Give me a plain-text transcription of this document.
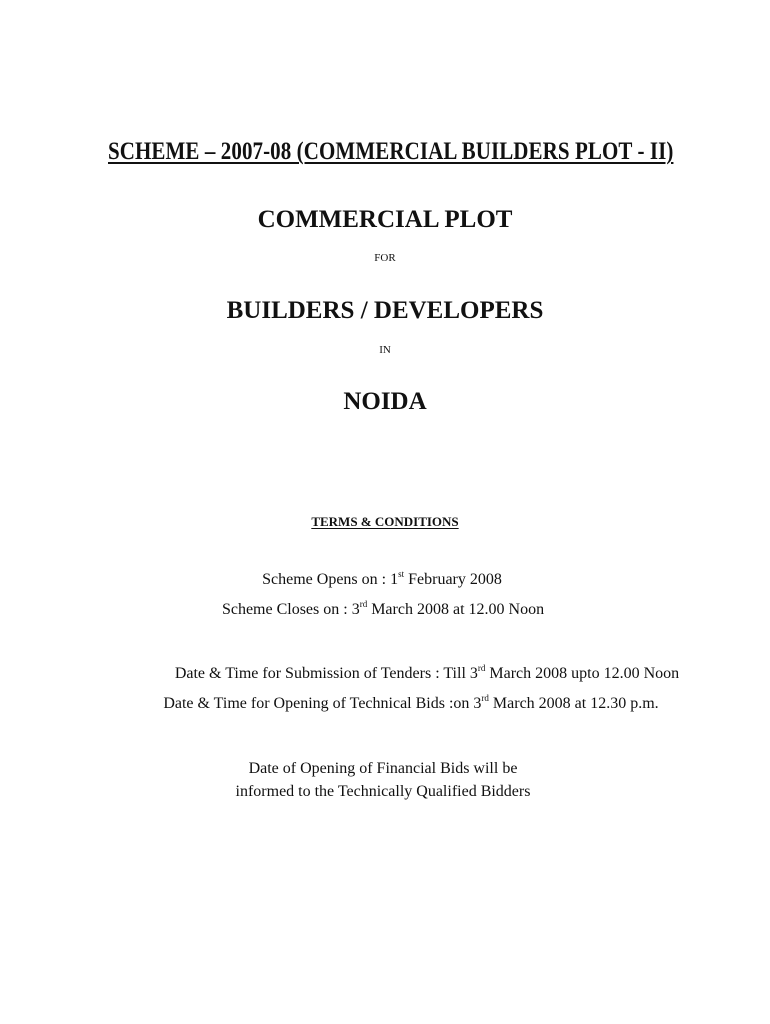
SCHEME – 2007-08 (COMMERCIAL BUILDERS PLOT - II)
COMMERCIAL PLOT
FOR
BUILDERS / DEVELOPERS
IN
NOIDA
TERMS & CONDITIONS
Scheme Opens on : 1st February 2008
Scheme Closes on : 3rd March 2008 at 12.00 Noon
Date & Time for Submission of Tenders : Till 3rd March 2008 upto 12.00 Noon
Date & Time for Opening of Technical Bids :on 3rd March 2008 at 12.30 p.m.
Date of Opening of Financial Bids will be
informed to the Technically Qualified Bidders
